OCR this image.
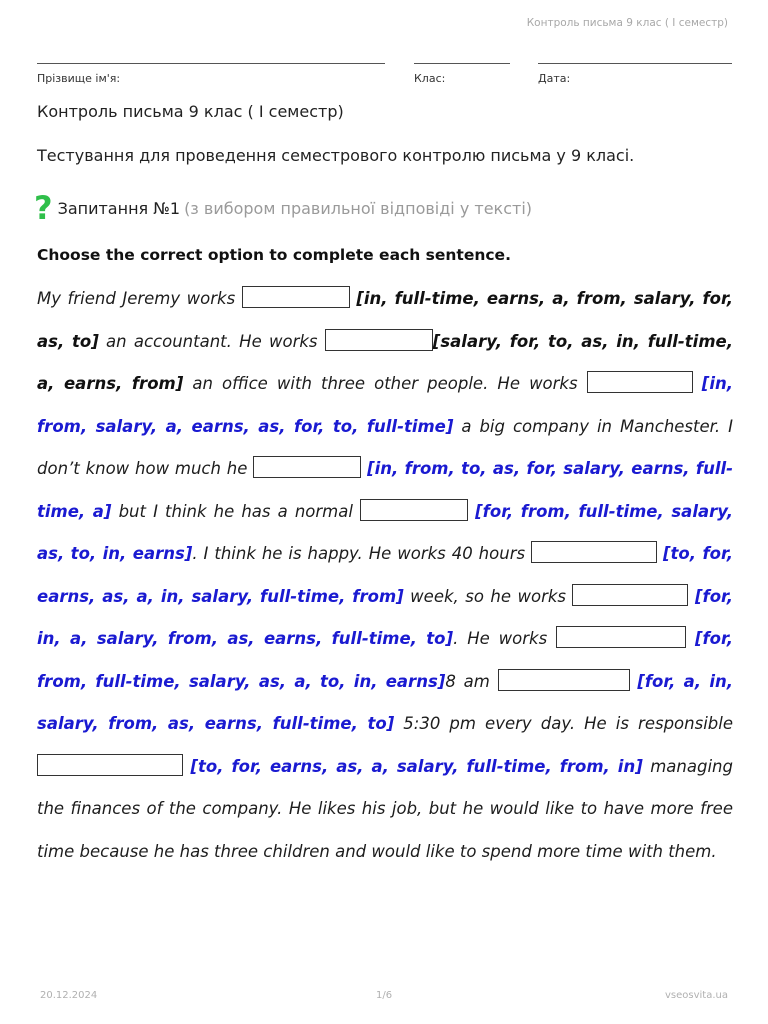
Контроль письма 9 клас ( І семестр)
Прізвище ім'я:	Клас:	Дата:
Контроль письма 9 клас ( І семестр)
Тестування для проведення семестрового контролю письма у 9 класі.
? Запитання №1 (з вибором правильної відповіді у тексті)
Choose the correct option to complete each sentence.
My friend Jeremy works	[in, full-time, earns, a, from, salary, for, as, to] an accountant. He works	[salary, for, to, as, in, full-time, a, earns, from] an office with three other people. He works	[in, from, salary, a, earns, as, for, to, full-time] a big company in Manchester. I don’t know how much he	[in, from, to, as, for, salary, earns, full-time, a] but I think he has a normal	[for, from, full-time, salary, as, to, in, earns]. I think he is happy. He works 40 hours	[to, for, earns, as, a, in, salary, full-time, from] week, so he works	[for, in, a, salary, from, as, earns, full-time, to]. He works	[for, from, full-time, salary, as, a, to, in, earns]8 am	[for, a, in, salary, from, as, earns, full-time, to] 5:30 pm every day. He is responsible  [to, for, earns, as, a, salary, full-time, from, in] managing the finances of the company. He likes his job, but he would like to have more free time because he has three children and would like to spend more time with them.
20.12.2024	1/6	vseosvita.ua
